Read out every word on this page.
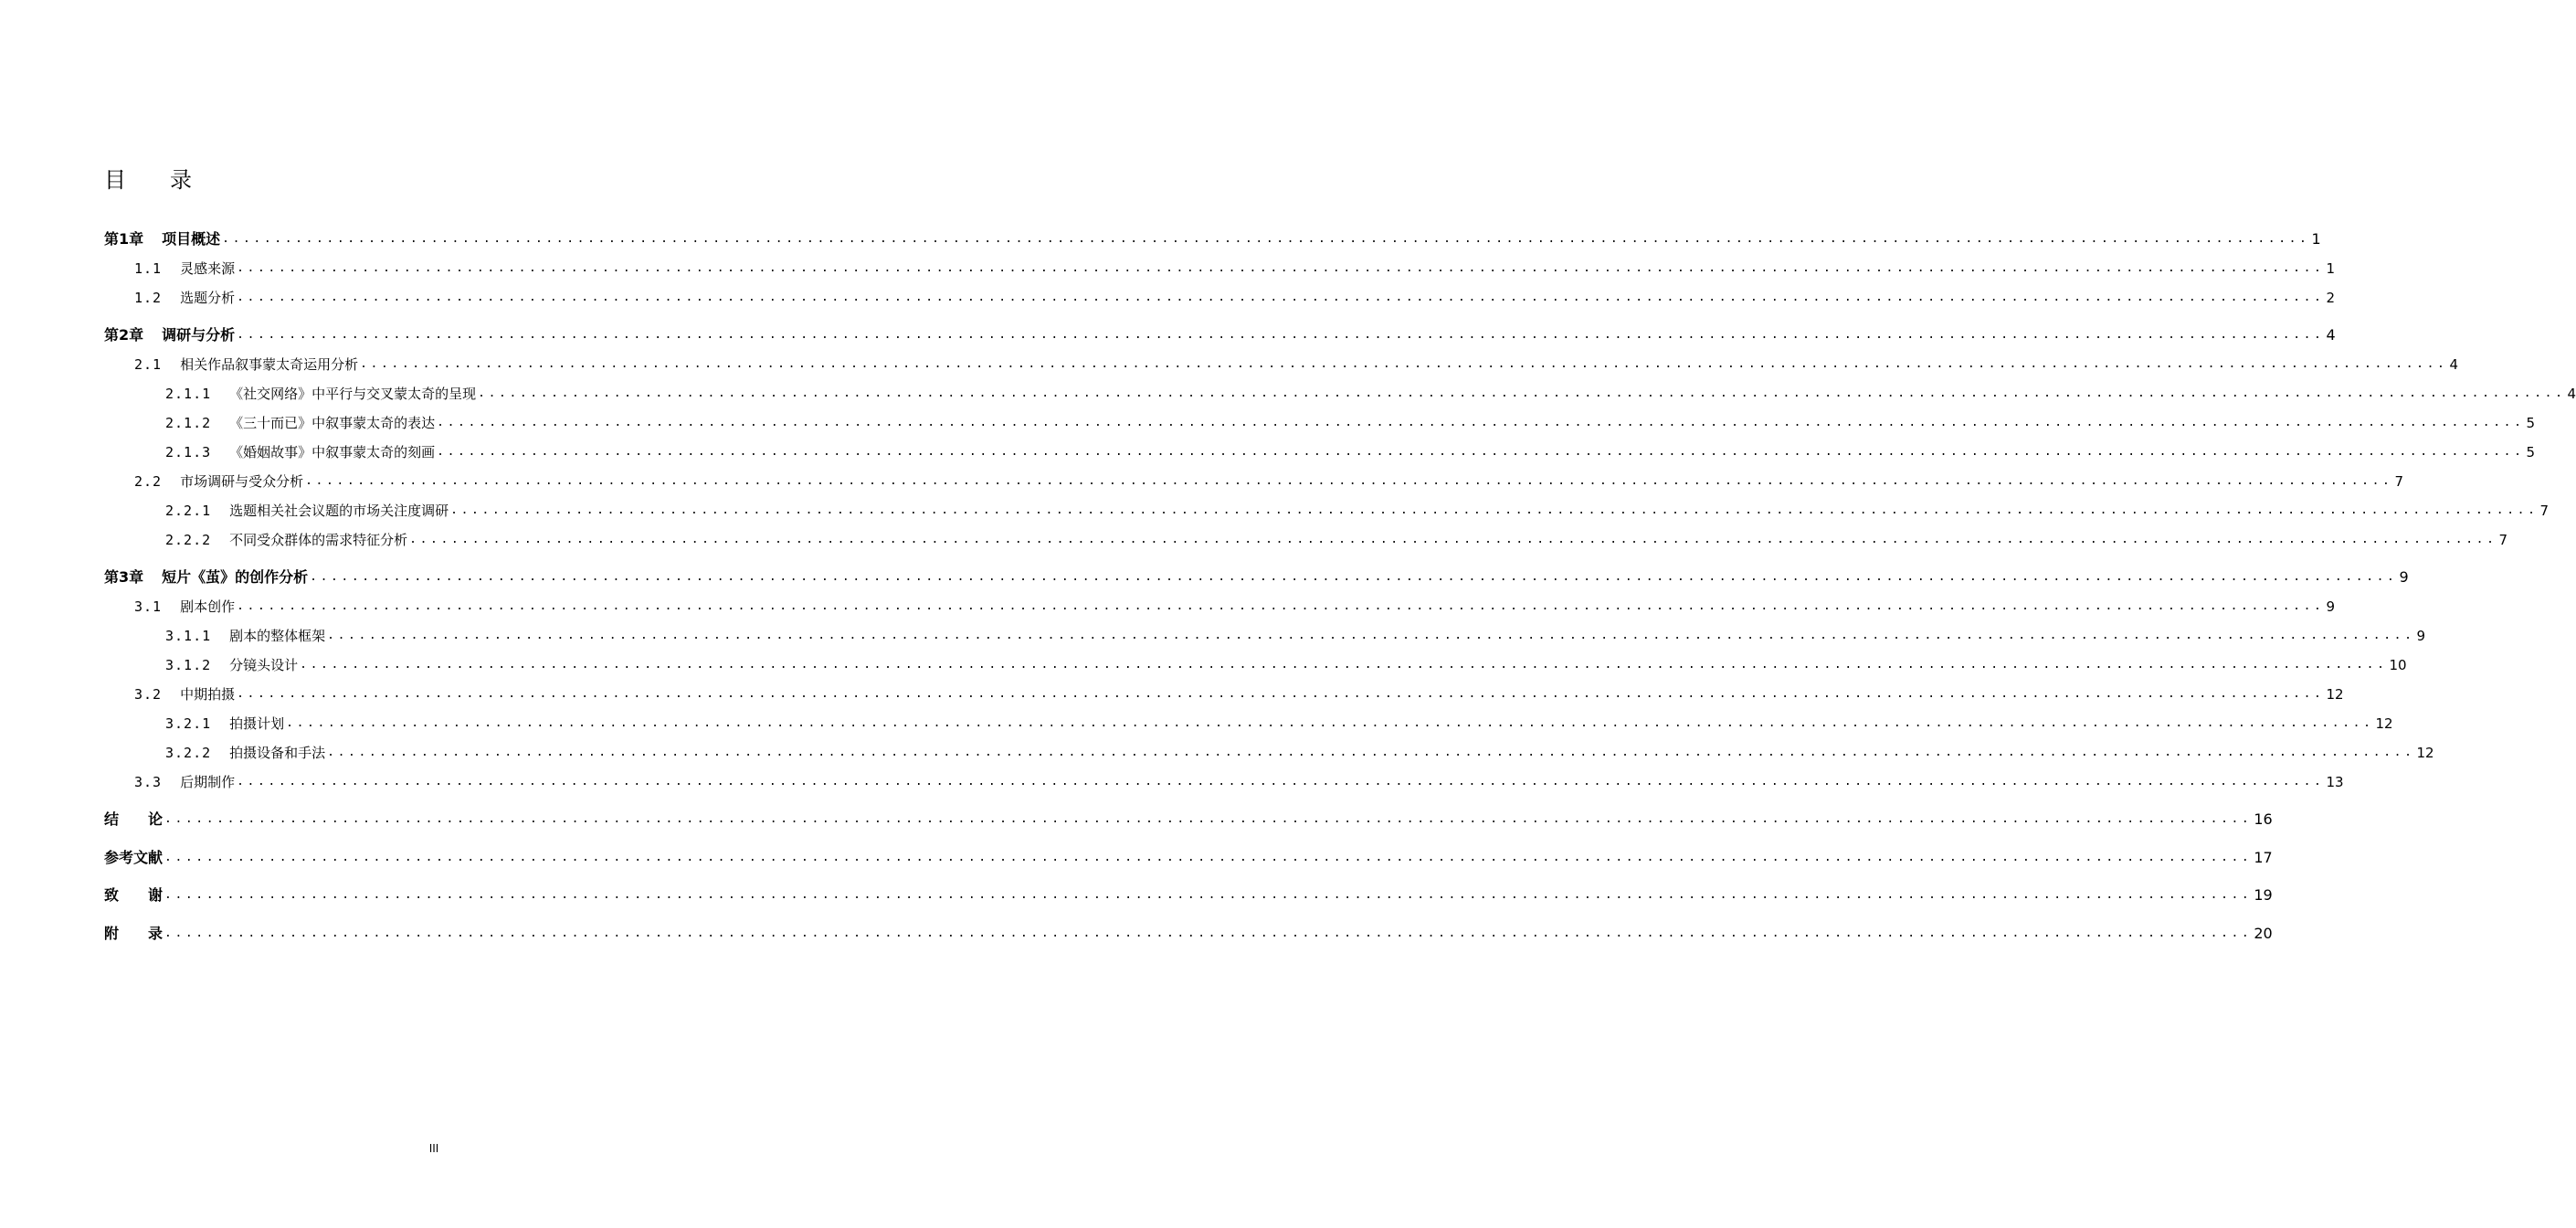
目　　录
第1章 项目概述 ........................................................................................................................................................................................................ 1
1.1 灵感来源 ........................................................................................................................................................................................................ 1
1.2 选题分析 ........................................................................................................................................................................................................ 2
第2章 调研与分析 ........................................................................................................................................................................................................ 4
2.1 相关作品叙事蒙太奇运用分析 ........................................................................................................................................................................................................ 4
2.1.1 《社交网络》中平行与交叉蒙太奇的呈现 ........................................................................................................................................................................................................ 4
2.1.2 《三十而已》中叙事蒙太奇的表达 ........................................................................................................................................................................................................ 5
2.1.3 《婚姻故事》中叙事蒙太奇的刻画 ........................................................................................................................................................................................................ 5
2.2 市场调研与受众分析 ........................................................................................................................................................................................................ 7
2.2.1 选题相关社会议题的市场关注度调研 ........................................................................................................................................................................................................ 7
2.2.2 不同受众群体的需求特征分析 ........................................................................................................................................................................................................ 7
第3章 短片《茧》的创作分析 ........................................................................................................................................................................................................ 9
3.1 剧本创作 ........................................................................................................................................................................................................ 9
3.1.1 剧本的整体框架 ........................................................................................................................................................................................................ 9
3.1.2 分镜头设计 ........................................................................................................................................................................................................ 10
3.2 中期拍摄 ........................................................................................................................................................................................................ 12
3.2.1 拍摄计划 ........................................................................................................................................................................................................ 12
3.2.2 拍摄设备和手法 ........................................................................................................................................................................................................ 12
3.3 后期制作 ........................................................................................................................................................................................................ 13
结　　论 ........................................................................................................................................................................................................ 16
参考文献 ........................................................................................................................................................................................................ 17
致　　谢 ........................................................................................................................................................................................................ 19
附　　录 ........................................................................................................................................................................................................ 20
III
